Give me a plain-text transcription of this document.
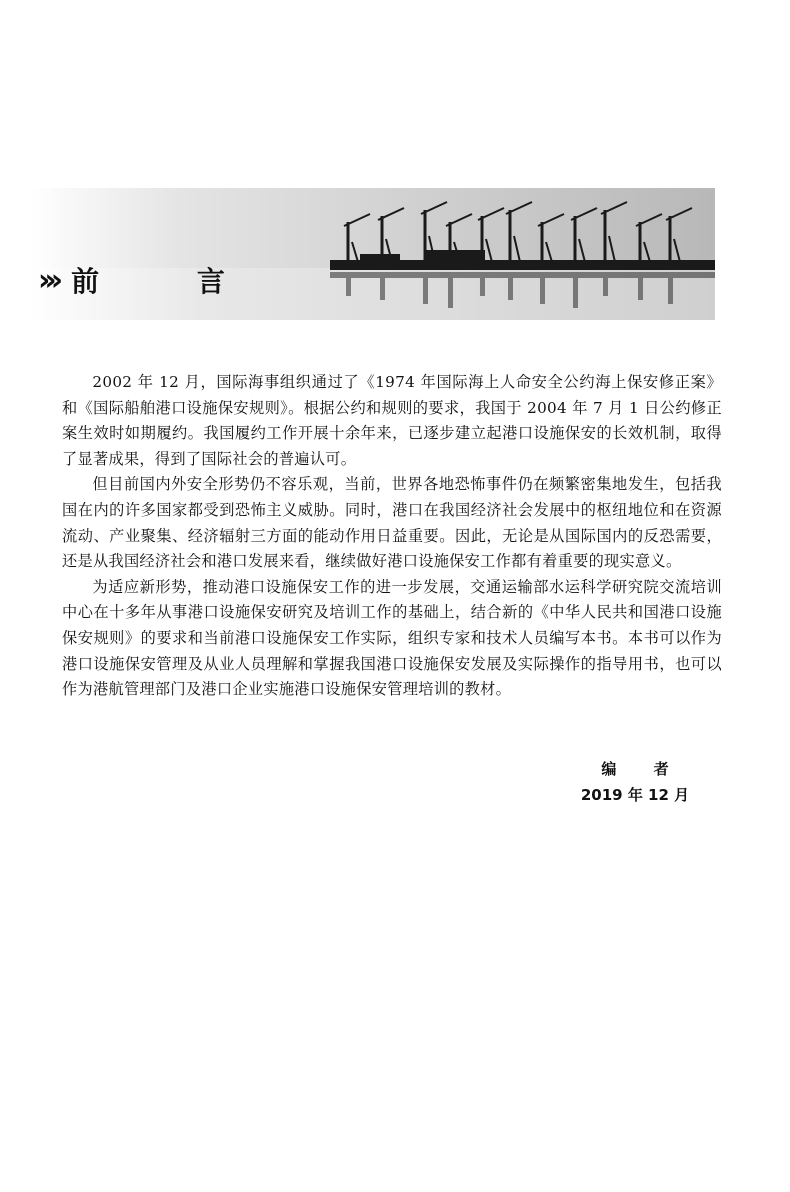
››› 前 言

2002 年 12 月，国际海事组织通过了《1974 年国际海上人命安全公约海上保安修正案》和《国际船舶港口设施保安规则》。根据公约和规则的要求，我国于 2004 年 7 月 1 日公约修正案生效时如期履约。我国履约工作开展十余年来，已逐步建立起港口设施保安的长效机制，取得了显著成果，得到了国际社会的普遍认可。

但目前国内外安全形势仍不容乐观，当前，世界各地恐怖事件仍在频繁密集地发生，包括我国在内的许多国家都受到恐怖主义威胁。同时，港口在我国经济社会发展中的枢纽地位和在资源流动、产业聚集、经济辐射三方面的能动作用日益重要。因此，无论是从国际国内的反恐需要，还是从我国经济社会和港口发展来看，继续做好港口设施保安工作都有着重要的现实意义。

为适应新形势，推动港口设施保安工作的进一步发展，交通运输部水运科学研究院交流培训中心在十多年从事港口设施保安研究及培训工作的基础上，结合新的《中华人民共和国港口设施保安规则》的要求和当前港口设施保安工作实际，组织专家和技术人员编写本书。本书可以作为港口设施保安管理及从业人员理解和掌握我国港口设施保安发展及实际操作的指导用书，也可以作为港航管理部门及港口企业实施港口设施保安管理培训的教材。

编 者
2019 年 12 月
